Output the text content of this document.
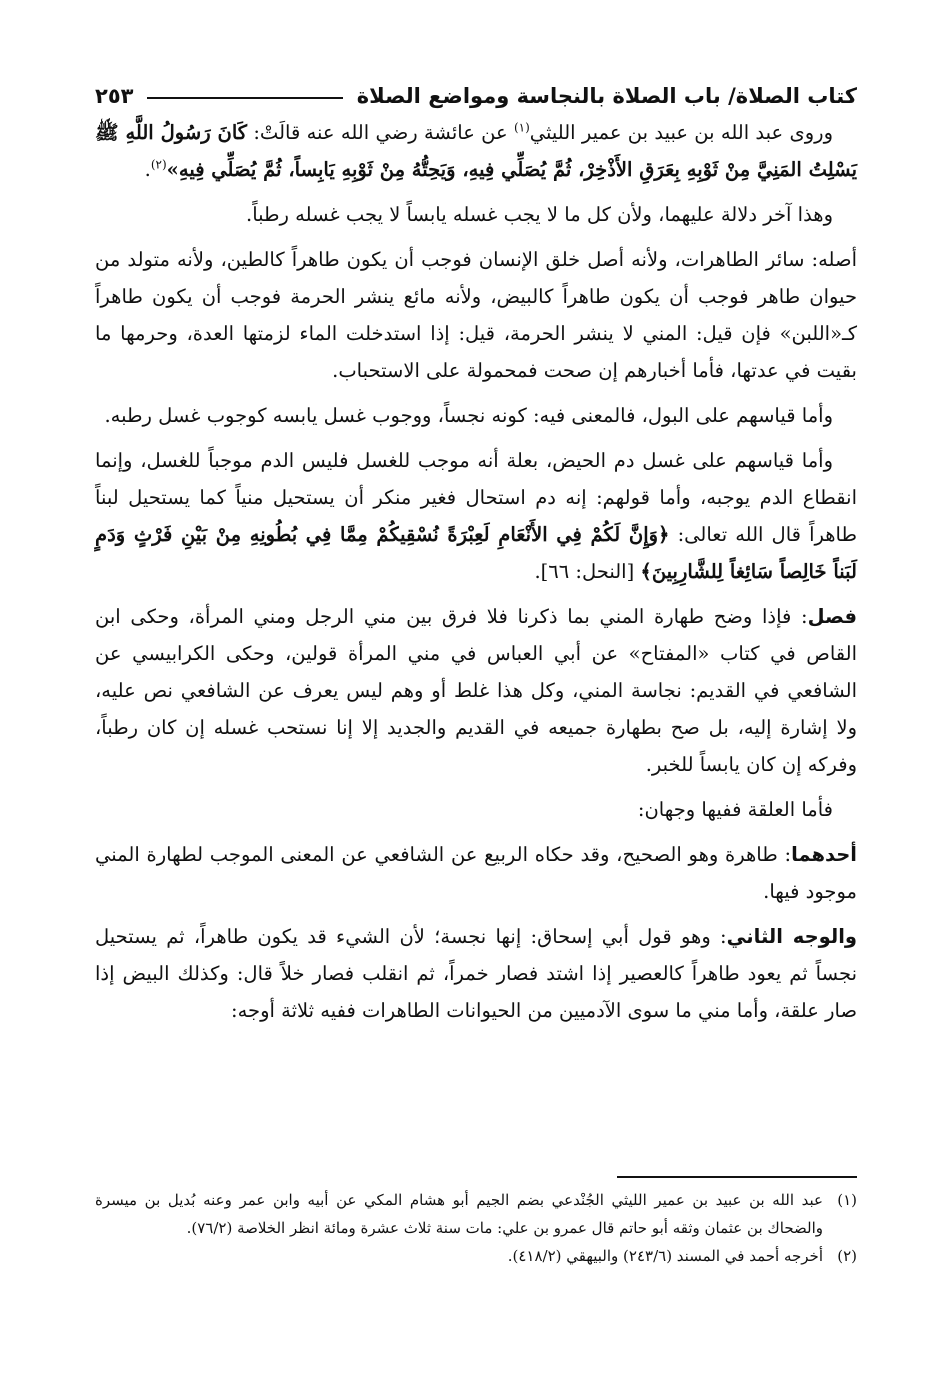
كتاب الصلاة/ باب الصلاة بالنجاسة ومواضع الصلاة
٢٥٣

وروى عبد الله بن عبيد بن عمير الليثي$^{(١)}$ عن عائشة رضي الله عنه قالَتْ: كَانَ رَسُولُ اللَّهِ ﷺ يَسْلِتُ المَنِيَّ مِنْ ثَوْبِهِ بِعَرَقِ الأَذْخِرْ، ثُمَّ يُصَلِّي فِيهِ، وَيَحِتُّهُ مِنْ ثَوْبِهِ يَابِساً، ثُمَّ يُصَلِّي فِيهِ»$^{(٢)}$.

وهذا آخر دلالة عليهما، ولأن كل ما لا يجب غسله يابساً لا يجب غسله رطباً.

أصله: سائر الطاهرات، ولأنه أصل خلق الإنسان فوجب أن يكون طاهراً كالطين، ولأنه متولد من حيوان طاهر فوجب أن يكون طاهراً كالبيض، ولأنه مائع ينشر الحرمة فوجب أن يكون طاهراً كـ«اللبن» فإن قيل: المني لا ينشر الحرمة، قيل: إذا استدخلت الماء لزمتها العدة، وحرمها ما بقيت في عدتها، فأما أخبارهم إن صحت فمحمولة على الاستحباب.

وأما قياسهم على البول، فالمعنى فيه: كونه نجساً، ووجوب غسل يابسه كوجوب غسل رطبه.

وأما قياسهم على غسل دم الحيض، بعلة أنه موجب للغسل فليس الدم موجباً للغسل، وإنما انقطاع الدم يوجبه، وأما قولهم: إنه دم استحال فغير منكر أن يستحيل منياً كما يستحيل لبناً طاهراً قال الله تعالى: ﴿وَإِنَّ لَكُمْ فِي الأَنْعَامِ لَعِبْرَةً نُسْقِيكُمْ مِمَّا فِي بُطُونِهِ مِنْ بَيْنِ فَرْثٍ وَدَمٍ لَبَناً خَالِصاً سَائِغاً لِلشَّارِبِينَ﴾ [النحل: ٦٦].

فصل: فإذا وضح طهارة المني بما ذكرنا فلا فرق بين مني الرجل ومني المرأة، وحكى ابن القاص في كتاب «المفتاح» عن أبي العباس في مني المرأة قولين، وحكى الكرابيسي عن الشافعي في القديم: نجاسة المني، وكل هذا غلط أو وهم ليس يعرف عن الشافعي نص عليه، ولا إشارة إليه، بل صح بطهارة جميعه في القديم والجديد إلا إنا نستحب غسله إن كان رطباً، وفركه إن كان يابساً للخبر.

فأما العلقة ففيها وجهان:

أحدهما: طاهرة وهو الصحيح، وقد حكاه الربيع عن الشافعي عن المعنى الموجب لطهارة المني موجود فيها.

والوجه الثاني: وهو قول أبي إسحاق: إنها نجسة؛ لأن الشيء قد يكون طاهراً، ثم يستحيل نجساً ثم يعود طاهراً كالعصير إذا اشتد فصار خمراً، ثم انقلب فصار خلاً قال: وكذلك البيض إذا صار علقة، وأما مني ما سوى الآدميين من الحيوانات الطاهرات ففيه ثلاثة أوجه:

(١)
عبد الله بن عبيد بن عمير الليثي الجُنْدعي بضم الجيم أبو هشام المكي عن أبيه وابن عمر وعنه بُديل بن ميسرة والضحاك بن عثمان وثقه أبو حاتم قال عمرو بن علي: مات سنة ثلاث عشرة ومائة انظر الخلاصة (٧٦/٢).
(٢)
أخرجه أحمد في المسند (٢٤٣/٦) والبيهقي (٤١٨/٢).
